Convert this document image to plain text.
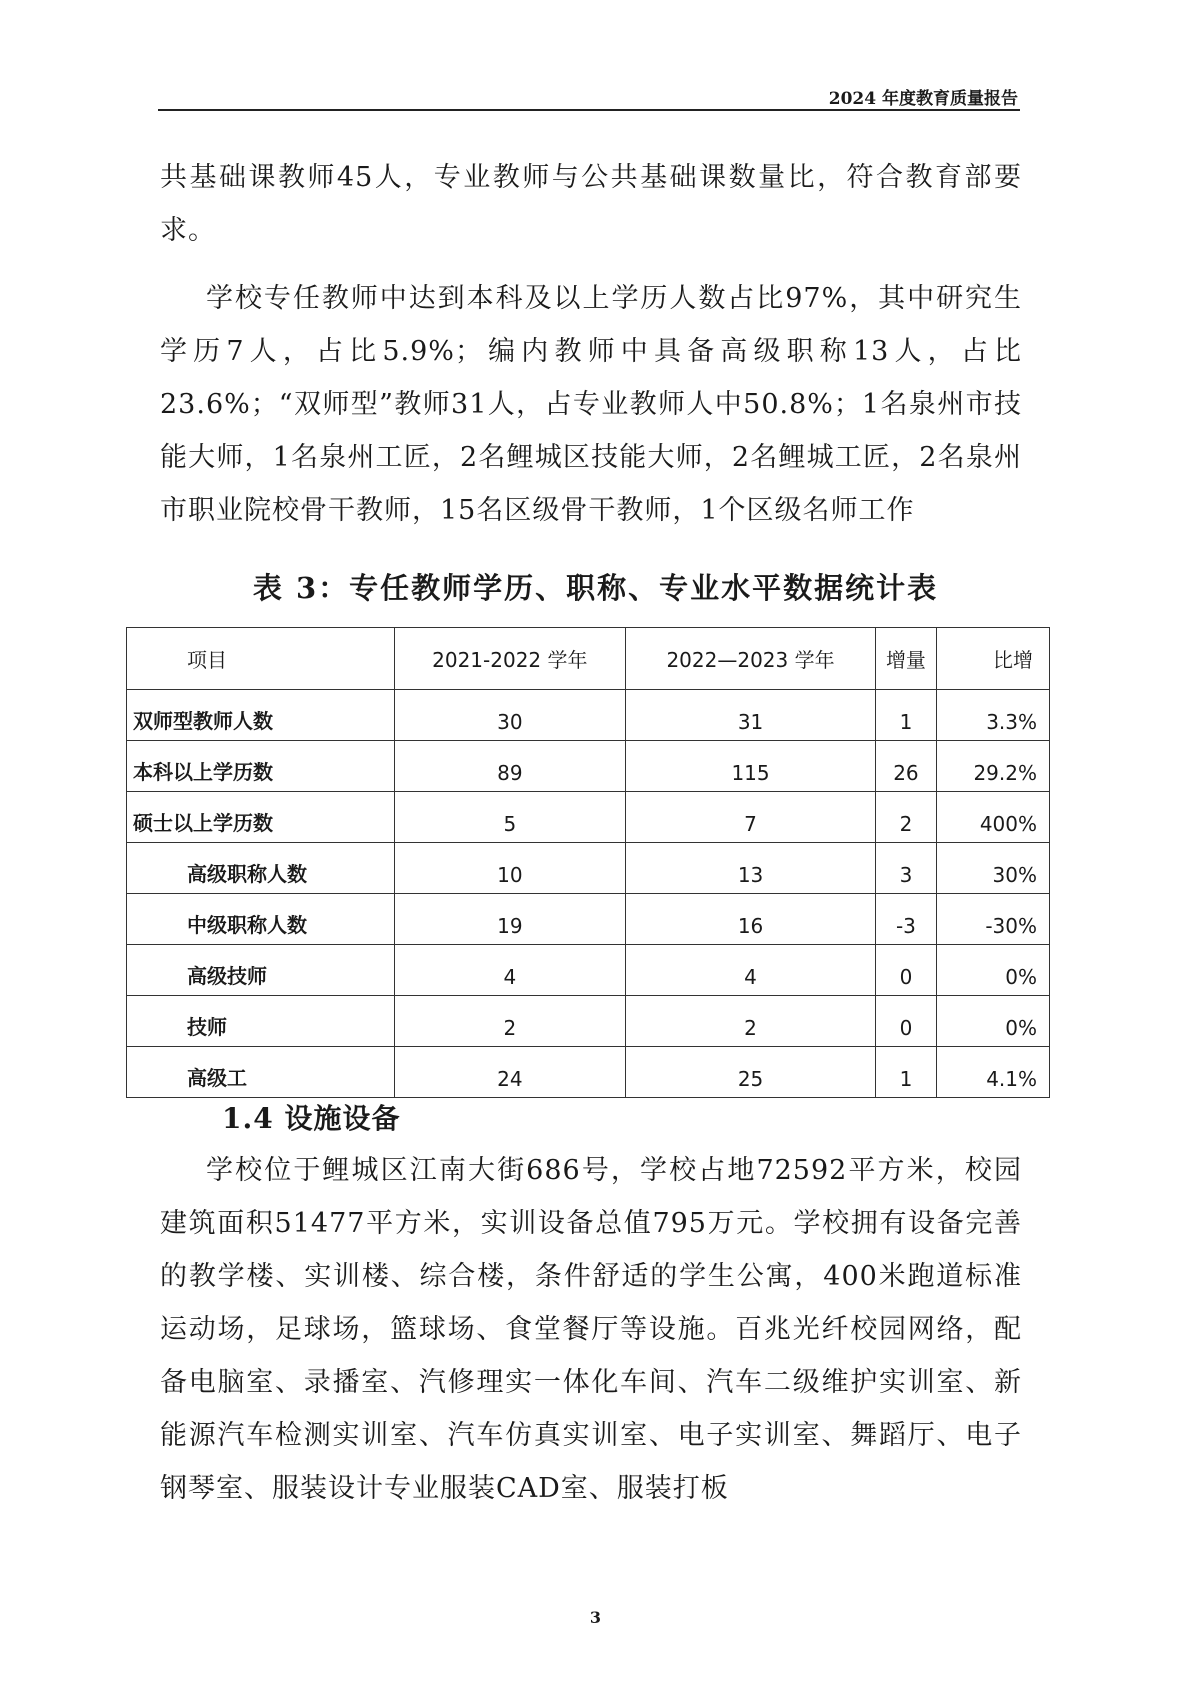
2024 年度教育质量报告

共基础课教师45人，专业教师与公共基础课数量比，符合教育部要求。

学校专任教师中达到本科及以上学历人数占比97%，其中研究生学历7人，占比5.9%；编内教师中具备高级职称13人，占比23.6%；“双师型”教师31人，占专业教师人中50.8%；1名泉州市技能大师，1名泉州工匠，2名鲤城区技能大师，2名鲤城工匠，2名泉州市职业院校骨干教师，15名区级骨干教师，1个区级名师工作

表 3：专任教师学历、职称、专业水平数据统计表
项目	2021-2022 学年	2022—2023 学年	增量	比增
双师型教师人数	30	31	1	3.3%
本科以上学历数	89	115	26	29.2%
硕士以上学历数	5	7	2	400%
高级职称人数	10	13	3	30%
中级职称人数	19	16	-3	-30%
高级技师	4	4	0	0%
技师	2	2	0	0%
高级工	24	25	1	4.1%
1.4 设施设备

学校位于鲤城区江南大街686号，学校占地72592平方米，校园建筑面积51477平方米，实训设备总值795万元。学校拥有设备完善的教学楼、实训楼、综合楼，条件舒适的学生公寓，400米跑道标准运动场，足球场，篮球场、食堂餐厅等设施。百兆光纤校园网络，配备电脑室、录播室、汽修理实一体化车间、汽车二级维护实训室、新能源汽车检测实训室、汽车仿真实训室、电子实训室、舞蹈厅、电子钢琴室、服装设计专业服装CAD室、服装打板

3
